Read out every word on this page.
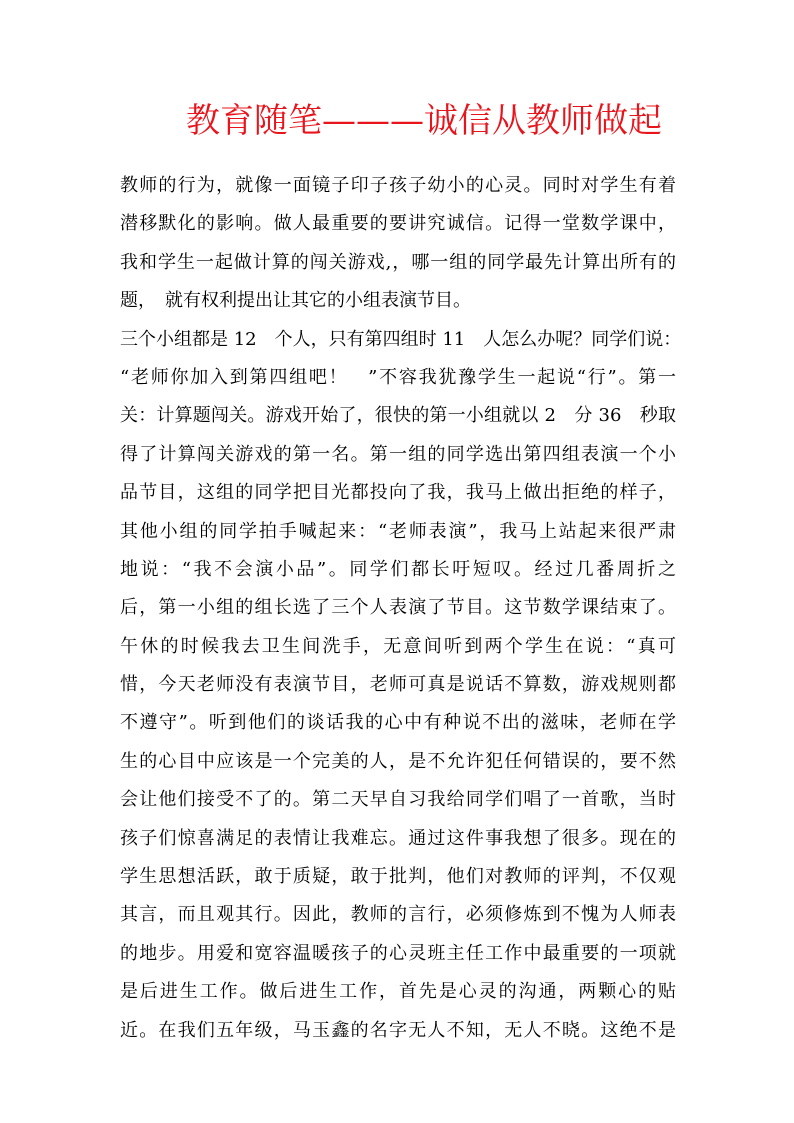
教育随笔———诚信从教师做起
教师的行为，就像一面镜子印子孩子幼小的心灵。同时对学生有着
潜移默化的影响。做人最重要的要讲究诚信。记得一堂数学课中，
我和学生一起做计算的闯关游戏,，哪一组的同学最先计算出所有的
题，　就有权利提出让其它的小组表演节目。
三个小组都是 12　个人，只有第四组时 11　人怎么办呢？同学们说：
“老师你加入到第四组吧！　”不容我犹豫学生一起说“行”。第一
关：计算题闯关。游戏开始了，很快的第一小组就以 2　分 36　秒取
得了计算闯关游戏的第一名。第一组的同学选出第四组表演一个小
品节目，这组的同学把目光都投向了我，我马上做出拒绝的样子，
其他小组的同学拍手喊起来：“老师表演”，我马上站起来很严肃
地说：“我不会演小品”。同学们都长吁短叹。经过几番周折之
后，第一小组的组长选了三个人表演了节目。这节数学课结束了。
午休的时候我去卫生间洗手，无意间听到两个学生在说：“真可
惜，今天老师没有表演节目，老师可真是说话不算数，游戏规则都
不遵守”。听到他们的谈话我的心中有种说不出的滋味，老师在学
生的心目中应该是一个完美的人，是不允许犯任何错误的，要不然
会让他们接受不了的。第二天早自习我给同学们唱了一首歌，当时
孩子们惊喜满足的表情让我难忘。通过这件事我想了很多。现在的
学生思想活跃，敢于质疑，敢于批判，他们对教师的评判，不仅观
其言，而且观其行。因此，教师的言行，必须修炼到不愧为人师表
的地步。用爱和宽容温暖孩子的心灵班主任工作中最重要的一项就
是后进生工作。做后进生工作，首先是心灵的沟通，两颗心的贴
近。在我们五年级，马玉鑫的名字无人不知，无人不晓。这绝不是
